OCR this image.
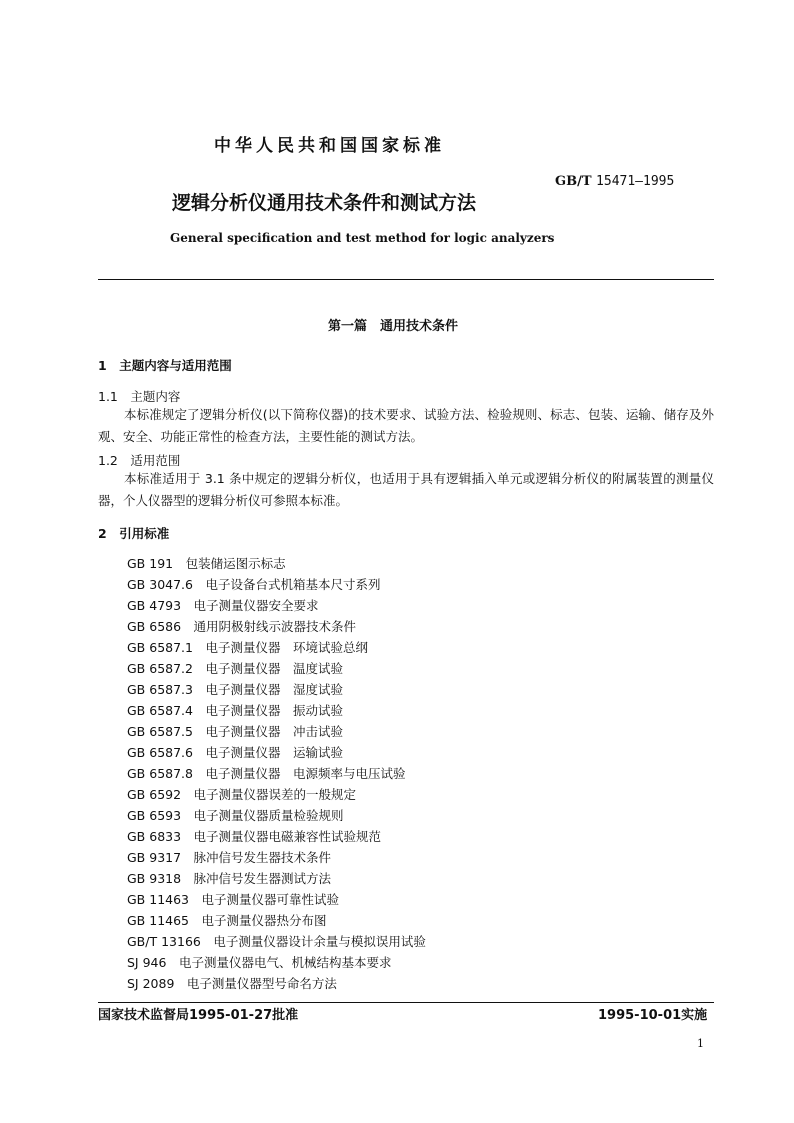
中华人民共和国国家标准
GB/T 15471—1995
逻辑分析仪通用技术条件和测试方法
General specification and test method for logic analyzers
第一篇　通用技术条件
1　主题内容与适用范围
1.1　主题内容
本标准规定了逻辑分析仪(以下简称仪器)的技术要求、试验方法、检验规则、标志、包装、运输、储存及外观、安全、功能正常性的检查方法，主要性能的测试方法。
1.2　适用范围
本标准适用于 3.1 条中规定的逻辑分析仪，也适用于具有逻辑插入单元或逻辑分析仪的附属装置的测量仪器，个人仪器型的逻辑分析仪可参照本标准。
2　引用标准
GB 191　包装储运图示标志
GB 3047.6　电子设备台式机箱基本尺寸系列
GB 4793　电子测量仪器安全要求
GB 6586　通用阴极射线示波器技术条件
GB 6587.1　电子测量仪器　环境试验总纲
GB 6587.2　电子测量仪器　温度试验
GB 6587.3　电子测量仪器　湿度试验
GB 6587.4　电子测量仪器　振动试验
GB 6587.5　电子测量仪器　冲击试验
GB 6587.6　电子测量仪器　运输试验
GB 6587.8　电子测量仪器　电源频率与电压试验
GB 6592　电子测量仪器误差的一般规定
GB 6593　电子测量仪器质量检验规则
GB 6833　电子测量仪器电磁兼容性试验规范
GB 9317　脉冲信号发生器技术条件
GB 9318　脉冲信号发生器测试方法
GB 11463　电子测量仪器可靠性试验
GB 11465　电子测量仪器热分布图
GB/T 13166　电子测量仪器设计余量与模拟误用试验
SJ 946　电子测量仪器电气、机械结构基本要求
SJ 2089　电子测量仪器型号命名方法
国家技术监督局1995-01-27批准	1995-10-01实施
1
